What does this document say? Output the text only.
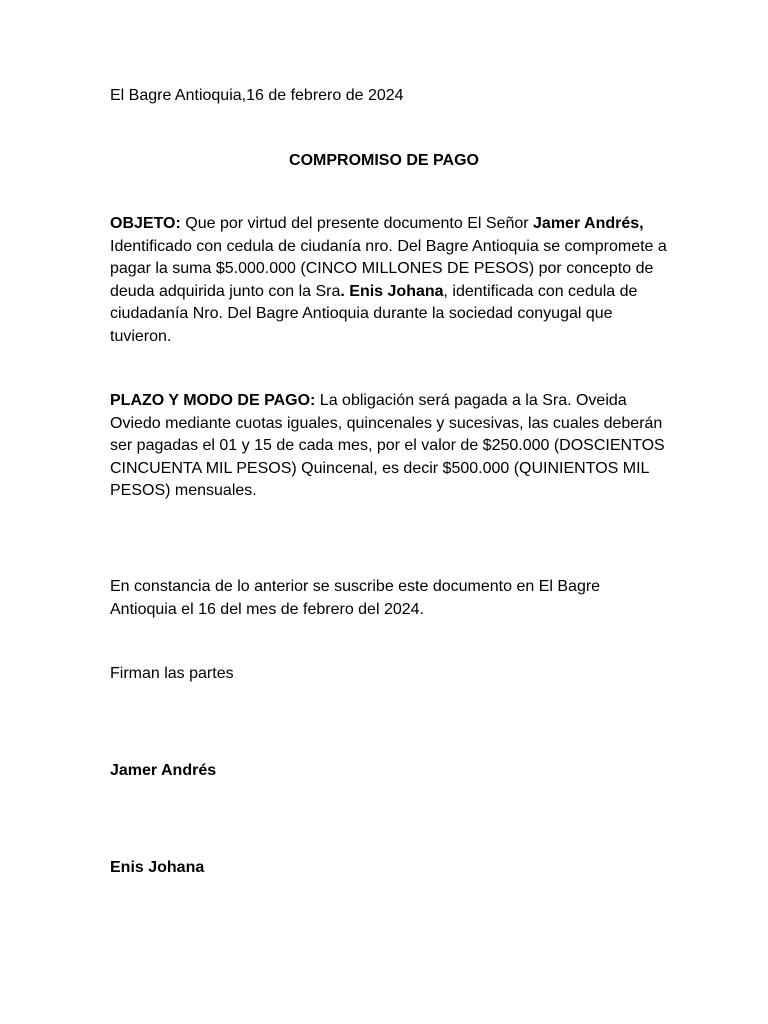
El Bagre Antioquia,16 de febrero de 2024

COMPROMISO DE PAGO

OBJETO: Que por virtud del presente documento El Señor Jamer Andrés, Identificado con cedula de ciudanía nro. Del Bagre Antioquia se compromete a pagar la suma $5.000.000 (CINCO MILLONES DE PESOS) por concepto de deuda adquirida junto con la Sra. Enis Johana, identificada con cedula de ciudadanía Nro. Del Bagre Antioquia durante la sociedad conyugal que tuvieron.

PLAZO Y MODO DE PAGO: La obligación será pagada a la Sra. Oveida Oviedo mediante cuotas iguales, quincenales y sucesivas, las cuales deberán ser pagadas el 01 y 15 de cada mes, por el valor de $250.000 (DOSCIENTOS CINCUENTA MIL PESOS) Quincenal, es decir $500.000 (QUINIENTOS MIL PESOS) mensuales.

En constancia de lo anterior se suscribe este documento en El Bagre Antioquia el 16 del mes de febrero del 2024.

Firman las partes

Jamer Andrés

Enis Johana
